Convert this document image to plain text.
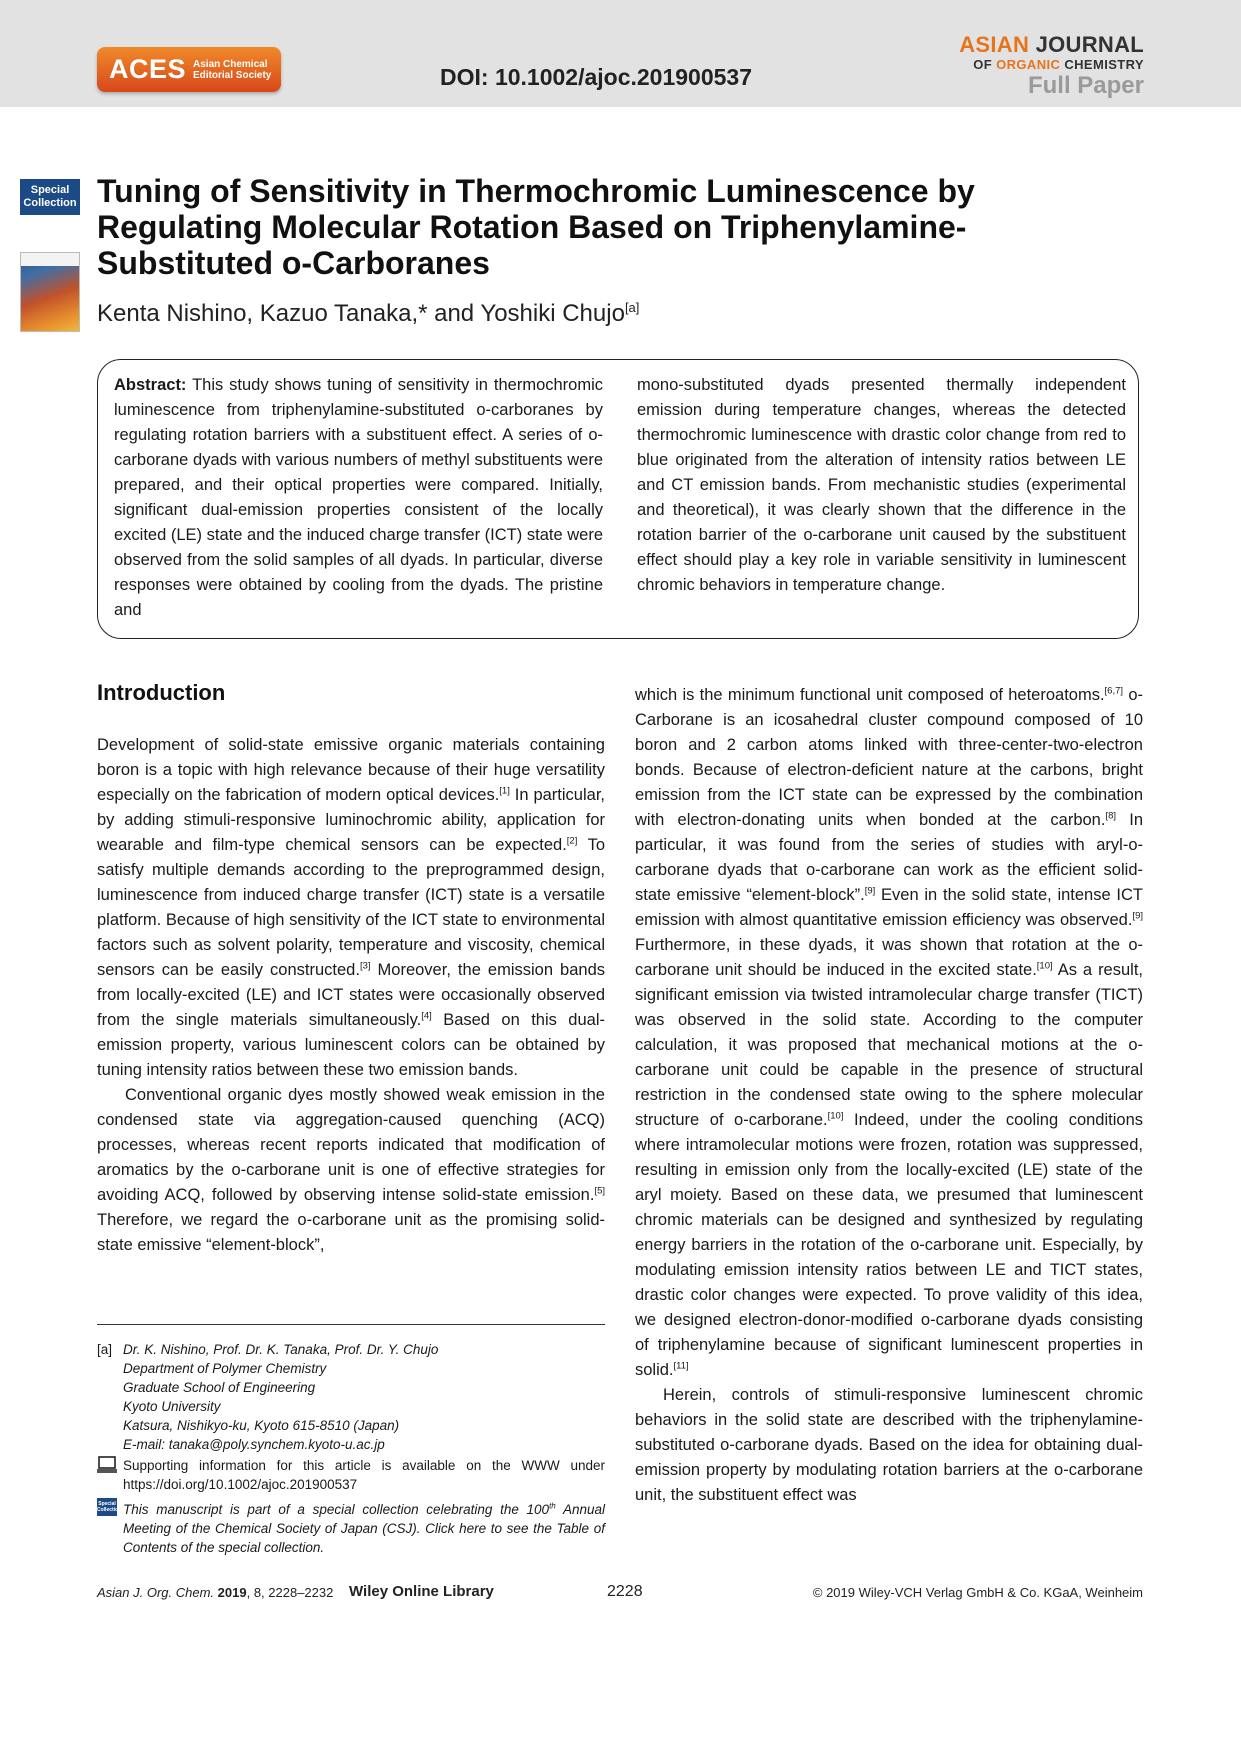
ACES Asian Chemical
Editorial Society	DOI: 10.1002/ajoc.201900537
ASIAN JOURNAL
OF ORGANIC CHEMISTRY
Full Paper
Special
Collection Tuning of Sensitivity in Thermochromic Luminescence by Regulating Molecular Rotation Based on Triphenylamine-Substituted o-Carboranes
Kenta Nishino, Kazuo Tanaka,* and Yoshiki Chujo[a]
Abstract: This study shows tuning of sensitivity in thermochromic luminescence from triphenylamine-substituted o-carboranes by regulating rotation barriers with a substituent effect. A series of o-carborane dyads with various numbers of methyl substituents were prepared, and their optical properties were compared. Initially, significant dual-emission properties consistent of the locally excited (LE) state and the induced charge transfer (ICT) state were observed from the solid samples of all dyads. In particular, diverse responses were obtained by cooling from the dyads. The pristine and
mono-substituted dyads presented thermally independent emission during temperature changes, whereas the detected thermochromic luminescence with drastic color change from red to blue originated from the alteration of intensity ratios between LE and CT emission bands. From mechanistic studies (experimental and theoretical), it was clearly shown that the difference in the rotation barrier of the o-carborane unit caused by the substituent effect should play a key role in variable sensitivity in luminescent chromic behaviors in temperature change.
Introduction

Development of solid-state emissive organic materials containing boron is a topic with high relevance because of their huge versatility especially on the fabrication of modern optical devices.[1] In particular, by adding stimuli-responsive luminochromic ability, application for wearable and film-type chemical sensors can be expected.[2] To satisfy multiple demands according to the preprogrammed design, luminescence from induced charge transfer (ICT) state is a versatile platform. Because of high sensitivity of the ICT state to environmental factors such as solvent polarity, temperature and viscosity, chemical sensors can be easily constructed.[3] Moreover, the emission bands from locally-excited (LE) and ICT states were occasionally observed from the single materials simultaneously.[4] Based on this dual-emission property, various luminescent colors can be obtained by tuning intensity ratios between these two emission bands.

Conventional organic dyes mostly showed weak emission in the condensed state via aggregation-caused quenching (ACQ) processes, whereas recent reports indicated that modification of aromatics by the o-carborane unit is one of effective strategies for avoiding ACQ, followed by observing intense solid-state emission.[5] Therefore, we regard the o-carborane unit as the promising solid-state emissive “element-block”,

which is the minimum functional unit composed of heteroatoms.[6,7] o-Carborane is an icosahedral cluster compound composed of 10 boron and 2 carbon atoms linked with three-center-two-electron bonds. Because of electron-deficient nature at the carbons, bright emission from the ICT state can be expressed by the combination with electron-donating units when bonded at the carbon.[8] In particular, it was found from the series of studies with aryl-o-carborane dyads that o-carborane can work as the efficient solid-state emissive “element-block”.[9] Even in the solid state, intense ICT emission with almost quantitative emission efficiency was observed.[9] Furthermore, in these dyads, it was shown that rotation at the o-carborane unit should be induced in the excited state.[10] As a result, significant emission via twisted intramolecular charge transfer (TICT) was observed in the solid state. According to the computer calculation, it was proposed that mechanical motions at the o-carborane unit could be capable in the presence of structural restriction in the condensed state owing to the sphere molecular structure of o-carborane.[10] Indeed, under the cooling conditions where intramolecular motions were frozen, rotation was suppressed, resulting in emission only from the locally-excited (LE) state of the aryl moiety. Based on these data, we presumed that luminescent chromic materials can be designed and synthesized by regulating energy barriers in the rotation of the o-carborane unit. Especially, by modulating emission intensity ratios between LE and TICT states, drastic color changes were expected. To prove validity of this idea, we designed electron-donor-modified o-carborane dyads consisting of triphenylamine because of significant luminescent properties in solid.[11]

Herein, controls of stimuli-responsive luminescent chromic behaviors in the solid state are described with the triphenylamine-substituted o-carborane dyads. Based on the idea for obtaining dual-emission property by modulating rotation barriers at the o-carborane unit, the substituent effect was

[a] Dr. K. Nishino, Prof. Dr. K. Tanaka, Prof. Dr. Y. Chujo
Department of Polymer Chemistry
Graduate School of Engineering
Kyoto University
Katsura, Nishikyo-ku, Kyoto 615-8510 (Japan)
E-mail: tanaka@poly.synchem.kyoto-u.ac.jp
Supporting information for this article is available on the WWW under https://doi.org/10.1002/ajoc.201900537
Special
Collection This manuscript is part of a special collection celebrating the 100th Annual Meeting of the Chemical Society of Japan (CSJ). Click here to see the Table of Contents of the special collection.
Asian J. Org. Chem. 2019, 8, 2228–2232 Wiley Online Library	2228	© 2019 Wiley-VCH Verlag GmbH & Co. KGaA, Weinheim
